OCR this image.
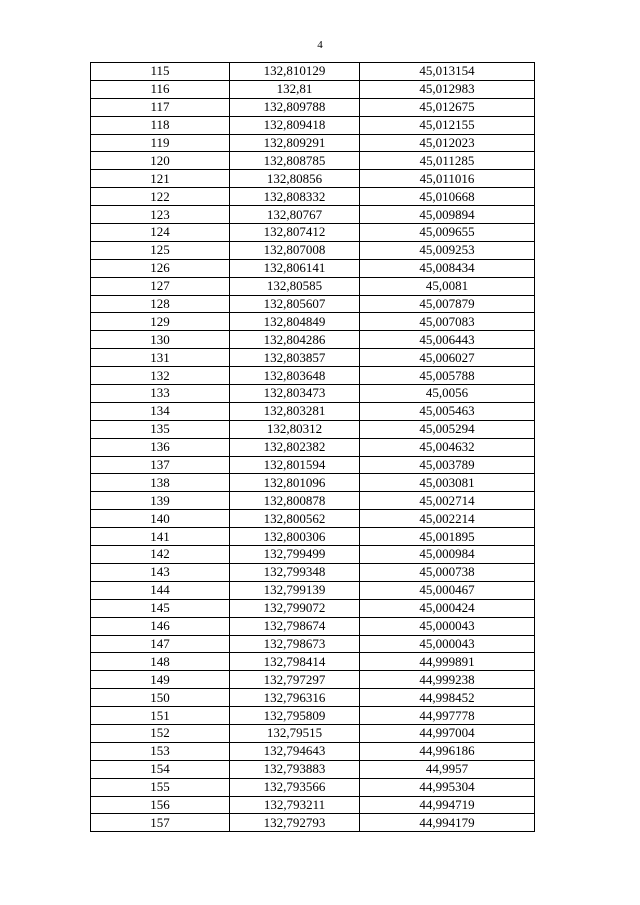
4
115	132,810129	45,013154
116	132,81	45,012983
117	132,809788	45,012675
118	132,809418	45,012155
119	132,809291	45,012023
120	132,808785	45,011285
121	132,80856	45,011016
122	132,808332	45,010668
123	132,80767	45,009894
124	132,807412	45,009655
125	132,807008	45,009253
126	132,806141	45,008434
127	132,80585	45,0081
128	132,805607	45,007879
129	132,804849	45,007083
130	132,804286	45,006443
131	132,803857	45,006027
132	132,803648	45,005788
133	132,803473	45,0056
134	132,803281	45,005463
135	132,80312	45,005294
136	132,802382	45,004632
137	132,801594	45,003789
138	132,801096	45,003081
139	132,800878	45,002714
140	132,800562	45,002214
141	132,800306	45,001895
142	132,799499	45,000984
143	132,799348	45,000738
144	132,799139	45,000467
145	132,799072	45,000424
146	132,798674	45,000043
147	132,798673	45,000043
148	132,798414	44,999891
149	132,797297	44,999238
150	132,796316	44,998452
151	132,795809	44,997778
152	132,79515	44,997004
153	132,794643	44,996186
154	132,793883	44,9957
155	132,793566	44,995304
156	132,793211	44,994719
157	132,792793	44,994179
